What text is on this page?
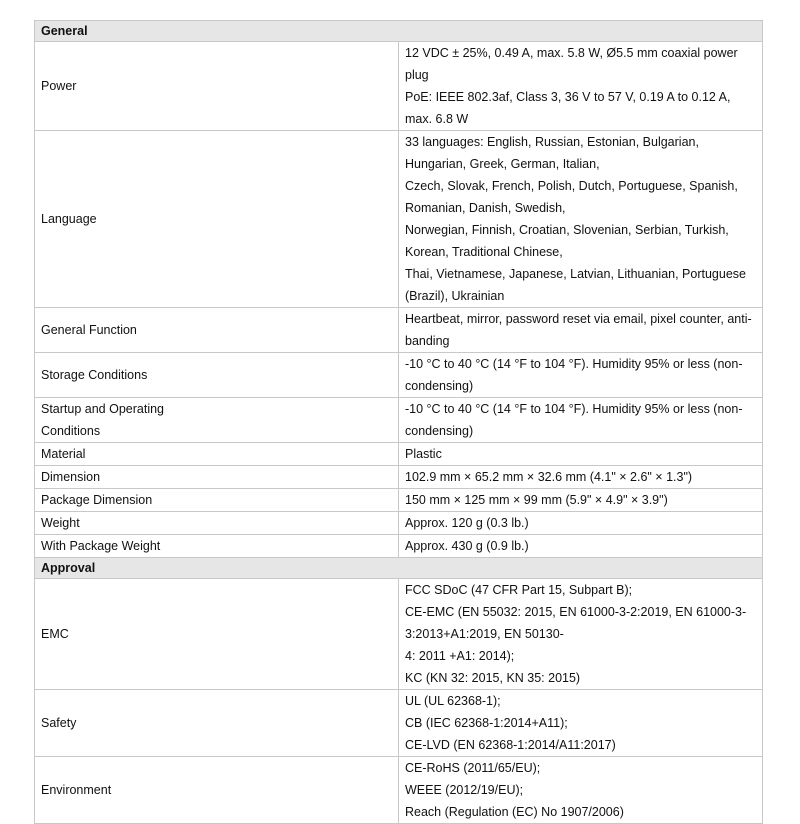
General	
Power	12 VDC ± 25%, 0.49 A, max. 5.8 W, Ø5.5 mm coaxial power plug
PoE: IEEE 802.3af, Class 3, 36 V to 57 V, 0.19 A to 0.12 A, max. 6.8 W

Language	33 languages: English, Russian, Estonian, Bulgarian, Hungarian, Greek, German, Italian,
Czech, Slovak, French, Polish, Dutch, Portuguese, Spanish, Romanian, Danish, Swedish,
Norwegian, Finnish, Croatian, Slovenian, Serbian, Turkish, Korean, Traditional Chinese,
Thai, Vietnamese, Japanese, Latvian, Lithuanian, Portuguese (Brazil), Ukrainian

General Function	Heartbeat, mirror, password reset via email, pixel counter, anti-banding

Storage Conditions	-10 °C to 40 °C (14 °F to 104 °F). Humidity 95% or less (non-condensing)

Startup and Operating
Conditions	-10 °C to 40 °C (14 °F to 104 °F). Humidity 95% or less (non-condensing)

Material	Plastic

Dimension	102.9 mm × 65.2 mm × 32.6 mm (4.1" × 2.6" × 1.3")

Package Dimension	150 mm × 125 mm × 99 mm (5.9" × 4.9" × 3.9")

Weight	Approx. 120 g (0.3 lb.)

With Package Weight	Approx. 430 g (0.9 lb.)

Approval	
EMC	FCC SDoC (47 CFR Part 15, Subpart B);
CE-EMC (EN 55032: 2015, EN 61000-3-2:2019, EN 61000-3-3:2013+A1:2019, EN 50130-
4: 2011 +A1: 2014);
KC (KN 32: 2015, KN 35: 2015)

Safety	UL (UL 62368-1);
CB (IEC 62368-1:2014+A11);
CE-LVD (EN 62368-1:2014/A11:2017)

Environment	CE-RoHS (2011/65/EU);
WEEE (2012/19/EU);
Reach (Regulation (EC) No 1907/2006)
